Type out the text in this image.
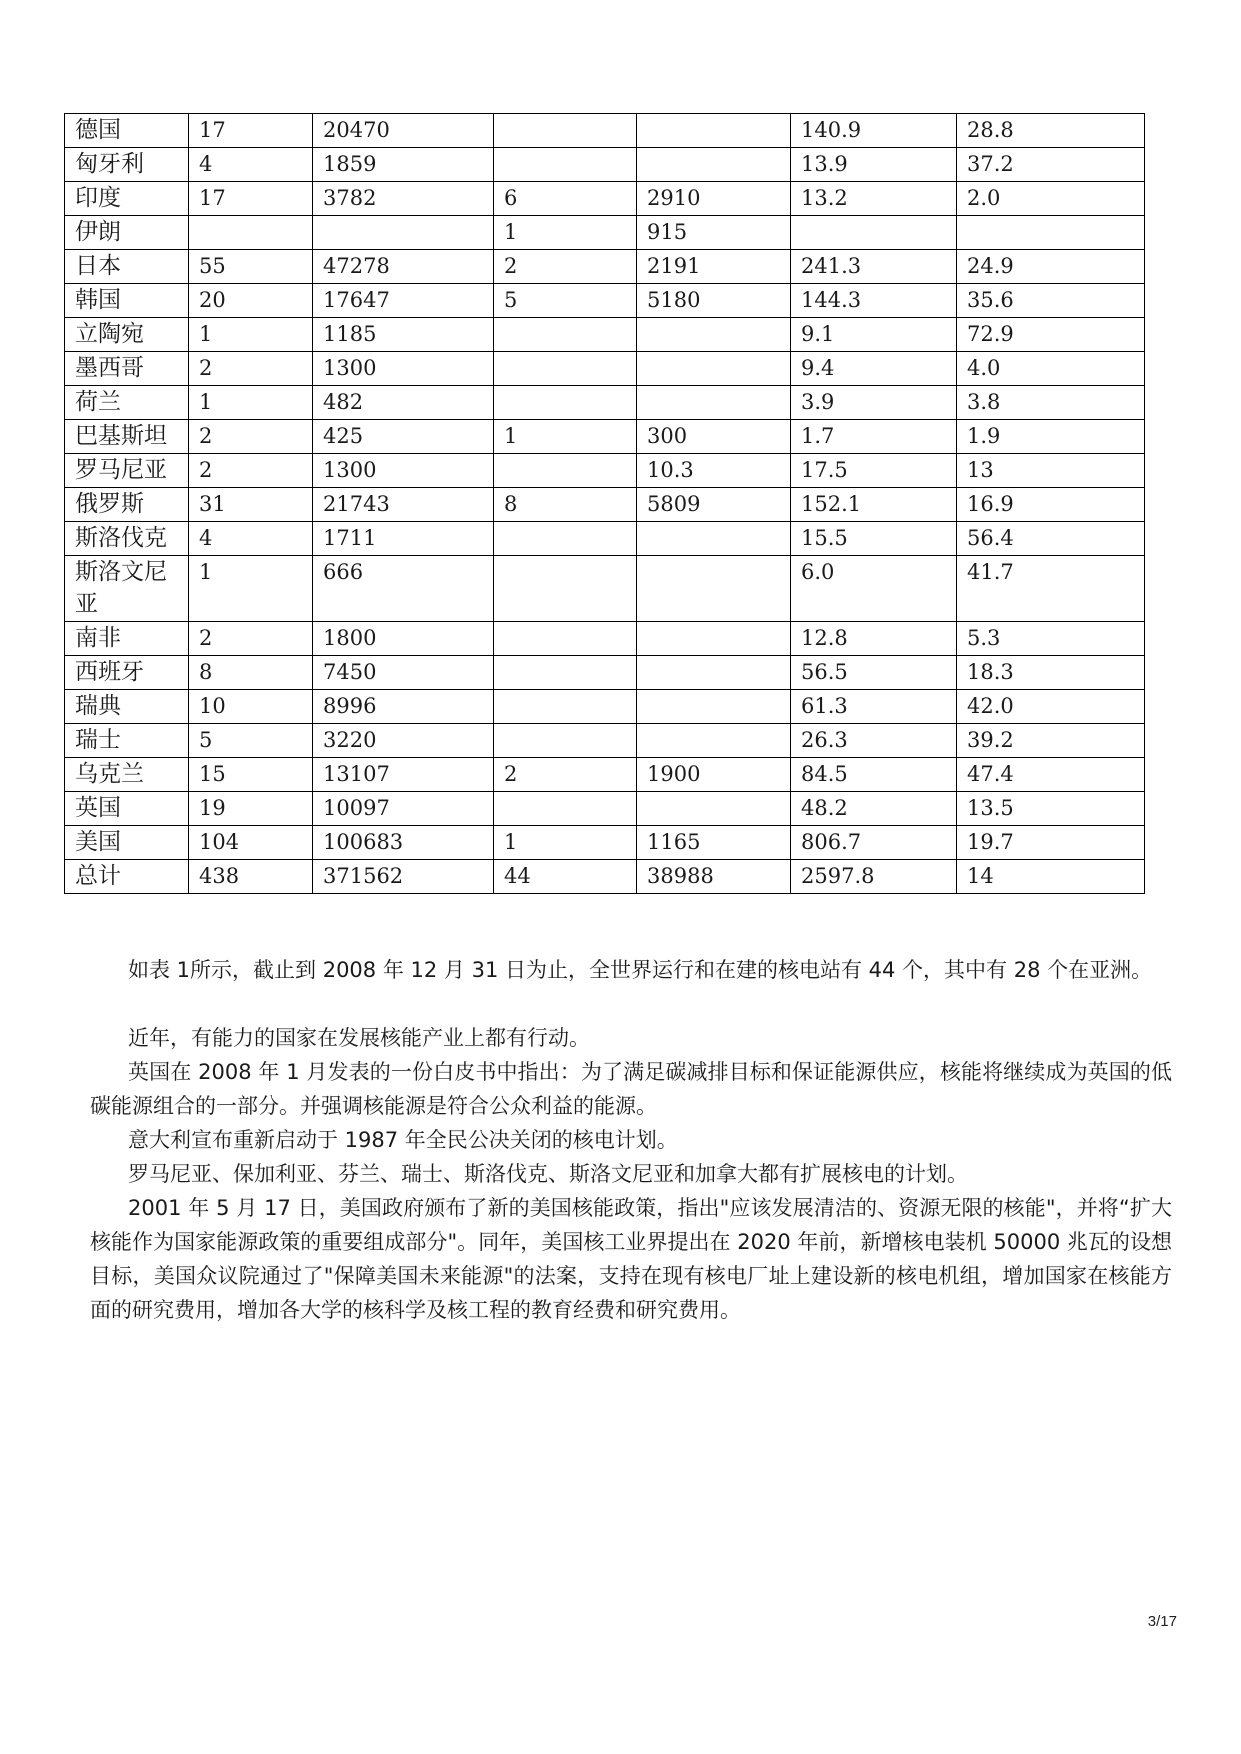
德国	17	20470			140.9	28.8
匈牙利	4	1859			13.9	37.2
印度	17	3782	6	2910	13.2	2.0
伊朗			1	915		
日本	55	47278	2	2191	241.3	24.9
韩国	20	17647	5	5180	144.3	35.6
立陶宛	1	1185			9.1	72.9
墨西哥	2	1300			9.4	4.0
荷兰	1	482			3.9	3.8
巴基斯坦	2	425	1	300	1.7	1.9
罗马尼亚	2	1300		10.3	17.5	13
俄罗斯	31	21743	8	5809	152.1	16.9
斯洛伐克	4	1711			15.5	56.4
斯洛文尼亚	1	666			6.0	41.7
南非	2	1800			12.8	5.3
西班牙	8	7450			56.5	18.3
瑞典	10	8996			61.3	42.0
瑞士	5	3220			26.3	39.2
乌克兰	15	13107	2	1900	84.5	47.4
英国	19	10097			48.2	13.5
美国	104	100683	1	1165	806.7	19.7
总计	438	371562	44	38988	2597.8	14

如表 1所示，截止到 2008 年 12 月 31 日为止，全世界运行和在建的核电站有 44 个，其中有 28 个在亚洲。

近年，有能力的国家在发展核能产业上都有行动。

英国在 2008 年 1 月发表的一份白皮书中指出：为了满足碳减排目标和保证能源供应，核能将继续成为英国的低碳能源组合的一部分。并强调核能源是符合公众利益的能源。

意大利宣布重新启动于 1987 年全民公决关闭的核电计划。

罗马尼亚、保加利亚、芬兰、瑞士、斯洛伐克、斯洛文尼亚和加拿大都有扩展核电的计划。

2001 年 5 月 17 日，美国政府颁布了新的美国核能政策，指出"应该发展清洁的、资源无限的核能"，并将“扩大核能作为国家能源政策的重要组成部分"。同年，美国核工业界提出在 2020 年前，新增核电装机 50000 兆瓦的设想目标，美国众议院通过了"保障美国未来能源"的法案，支持在现有核电厂址上建设新的核电机组，增加国家在核能方面的研究费用，增加各大学的核科学及核工程的教育经费和研究费用。

3/17
